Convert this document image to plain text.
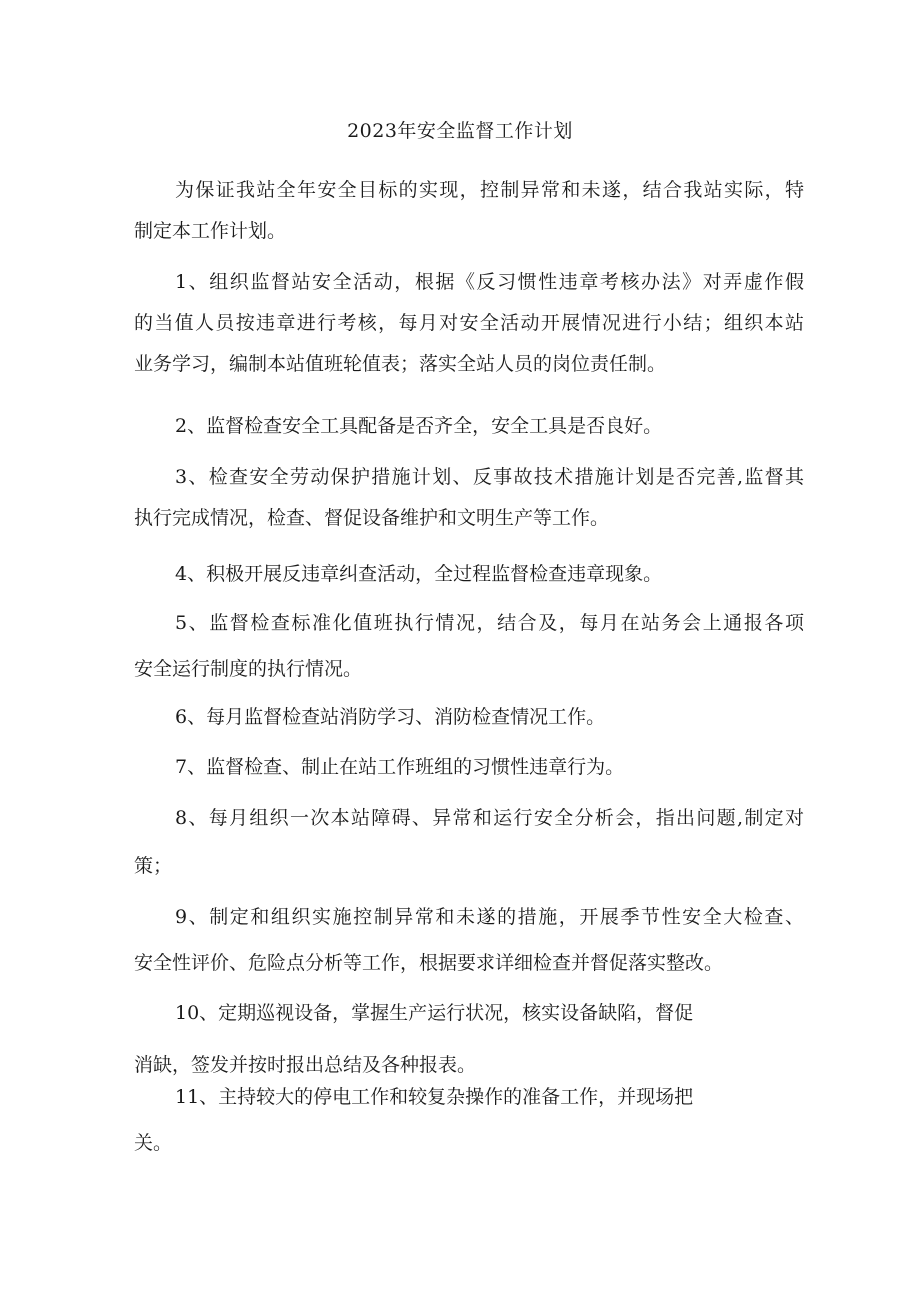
2023年安全监督工作计划

为保证我站全年安全目标的实现，控制异常和未遂，结合我站实际，特

制定本工作计划。

1、组织监督站安全活动，根据《反习惯性违章考核办法》对弄虚作假

的当值人员按违章进行考核，每月对安全活动开展情况进行小结；组织本站

业务学习，编制本站值班轮值表；落实全站人员的岗位责任制。

2、监督检查安全工具配备是否齐全，安全工具是否良好。

3、检查安全劳动保护措施计划、反事故技术措施计划是否完善,监督其

执行完成情况，检查、督促设备维护和文明生产等工作。

4、积极开展反违章纠查活动，全过程监督检查违章现象。

5、监督检查标准化值班执行情况，结合及，每月在站务会上通报各项

安全运行制度的执行情况。

6、每月监督检查站消防学习、消防检查情况工作。

7、监督检查、制止在站工作班组的习惯性违章行为。

8、每月组织一次本站障碍、异常和运行安全分析会，指出问题,制定对

策；

9、制定和组织实施控制异常和未遂的措施，开展季节性安全大检查、

安全性评价、危险点分析等工作，根据要求详细检查并督促落实整改。

10、定期巡视设备，掌握生产运行状况，核实设备缺陷，督促

消缺，签发并按时报出总结及各种报表。

11、主持较大的停电工作和较复杂操作的准备工作，并现场把

关。
